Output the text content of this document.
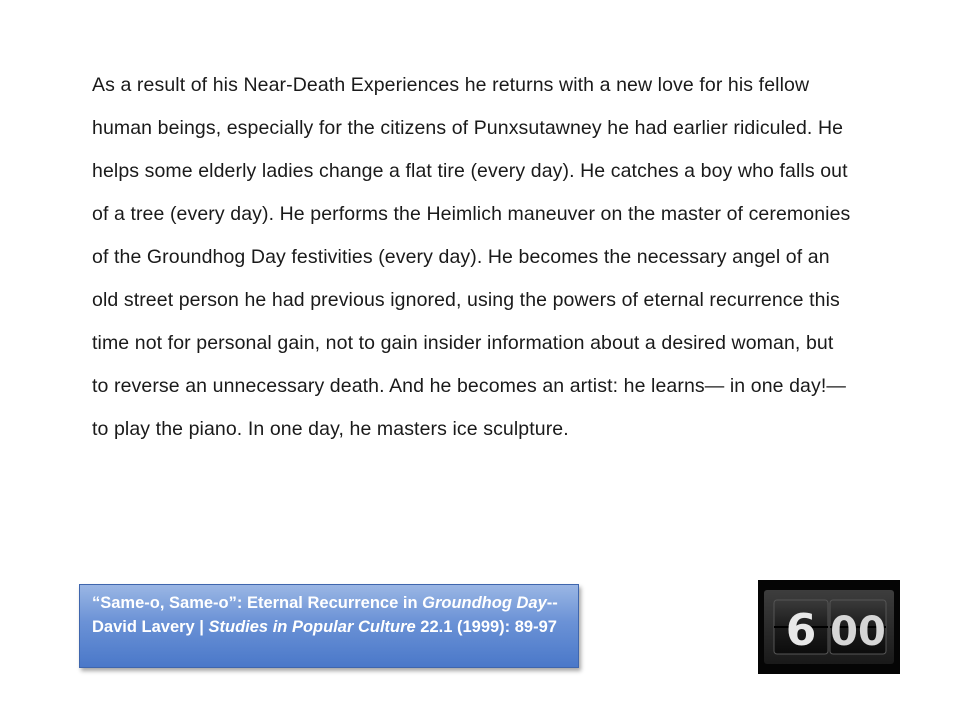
As a result of his Near-Death Experiences he returns with a new love for his fellow human beings, especially for the citizens of Punxsutawney he had earlier ridiculed. He helps some elderly ladies change a flat tire (every day). He catches a boy who falls out of a tree (every day). He performs the Heimlich maneuver on the master of ceremonies of the Groundhog Day festivities (every day). He becomes the necessary angel of an old street person he had previous ignored, using the powers of eternal recurrence this time not for personal gain, not to gain insider information about a desired woman, but to reverse an unnecessary death. And he becomes an artist: he learns— in one day!—to play the piano. In one day, he masters ice sculpture.

“Same-o, Same-o”: Eternal Recurrence in Groundhog Day--David Lavery | Studies in Popular Culture 22.1 (1999): 89-97	6 00
